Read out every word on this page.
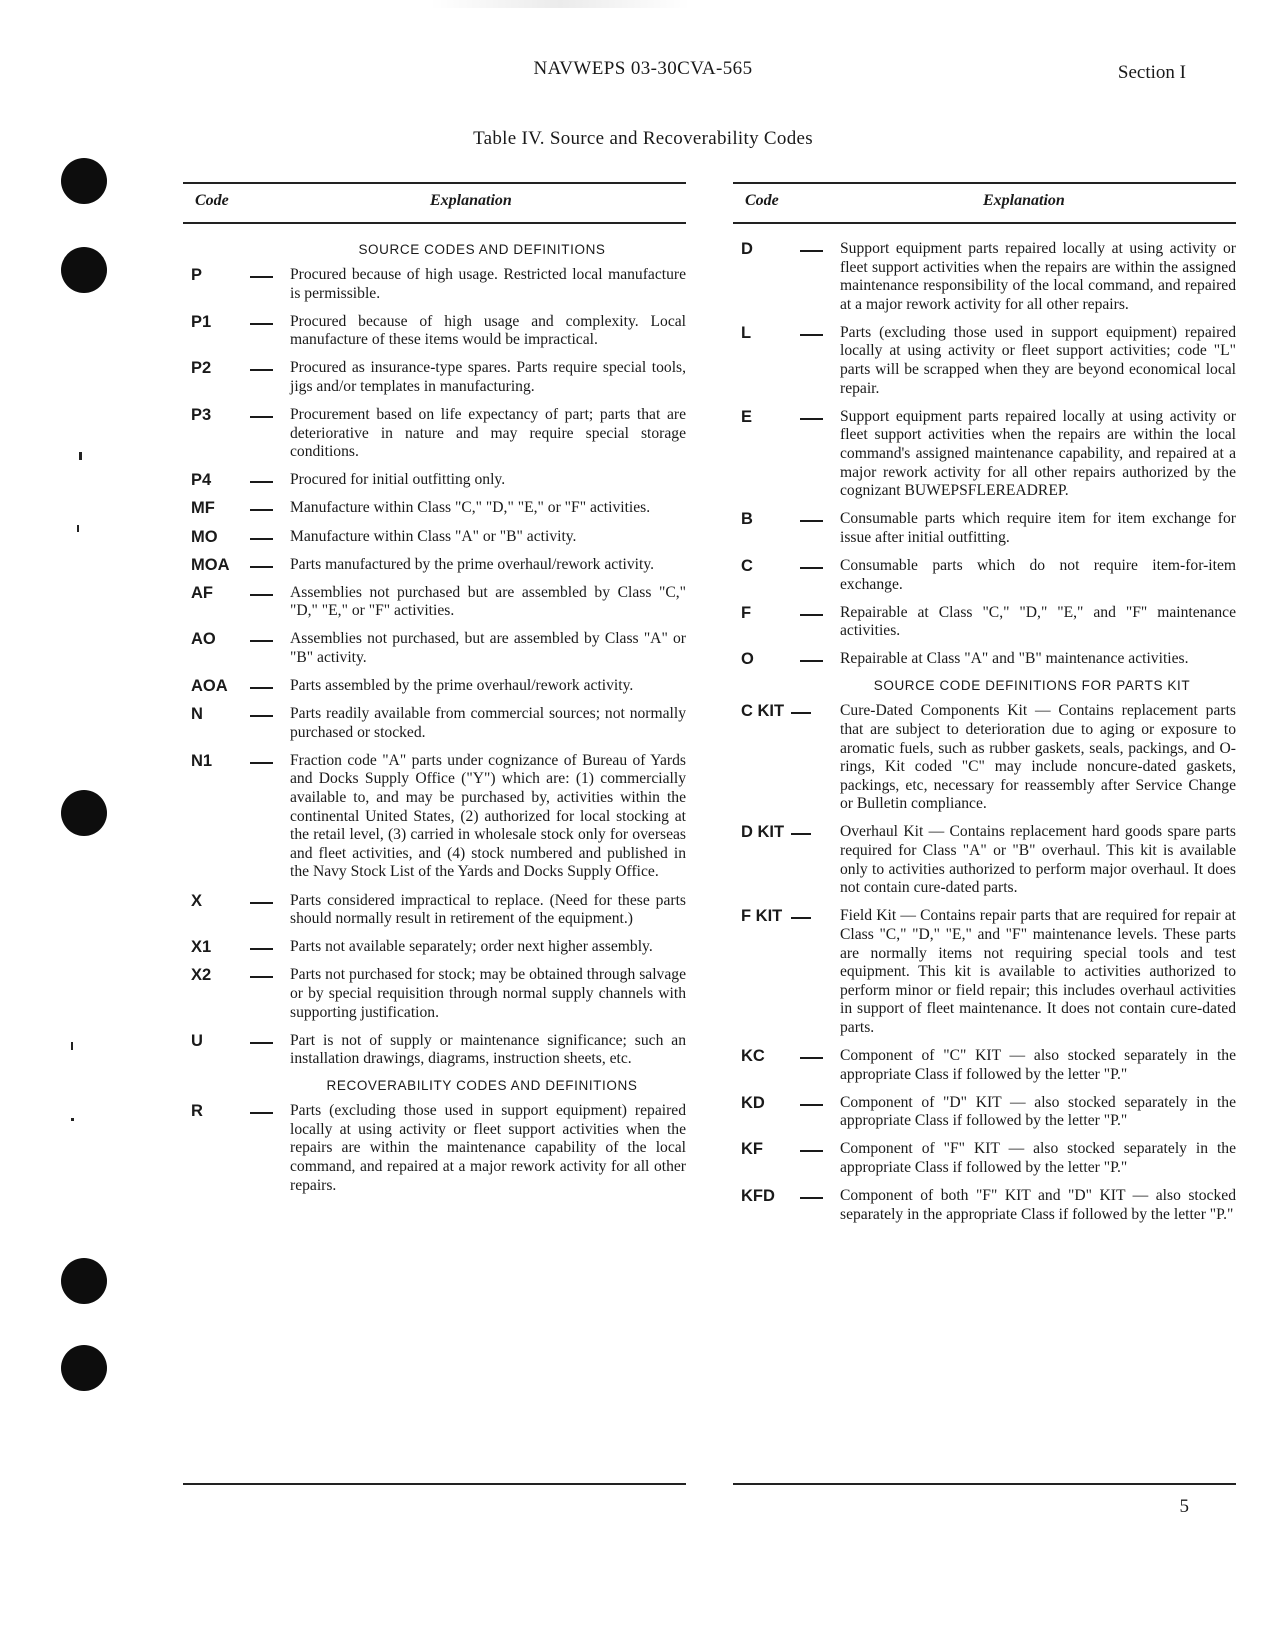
NAVWEPS 03-30CVA-565	Section I
Table IV. Source and Recoverability Codes
Code	Explanation
SOURCE CODES AND DEFINITIONS
P	Procured because of high usage. Restricted local manufacture is permissible.
P1	Procured because of high usage and complexity. Local manufacture of these items would be impractical.
P2	Procured as insurance-type spares. Parts require special tools, jigs and/or templates in manufacturing.
P3	Procurement based on life expectancy of part; parts that are deteriorative in nature and may require special storage conditions.
P4	Procured for initial outfitting only.
MF	Manufacture within Class "C," "D," "E," or "F" activities.
MO	Manufacture within Class "A" or "B" activity.
MOA	Parts manufactured by the prime overhaul/rework activity.
AF	Assemblies not purchased but are assembled by Class "C," "D," "E," or "F" activities.
AO	Assemblies not purchased, but are assembled by Class "A" or "B" activity.
AOA	Parts assembled by the prime overhaul/rework activity.
N	Parts readily available from commercial sources; not normally purchased or stocked.
N1	Fraction code "A" parts under cognizance of Bureau of Yards and Docks Supply Office ("Y") which are: (1) commercially available to, and may be purchased by, activities within the continental United States, (2) authorized for local stocking at the retail level, (3) carried in wholesale stock only for overseas and fleet activities, and (4) stock numbered and published in the Navy Stock List of the Yards and Docks Supply Office.
X	Parts considered impractical to replace. (Need for these parts should normally result in retirement of the equipment.)
X1	Parts not available separately; order next higher assembly.
X2	Parts not purchased for stock; may be obtained through salvage or by special requisition through normal supply channels with supporting justification.
U	Part is not of supply or maintenance significance; such an installation drawings, diagrams, instruction sheets, etc.
RECOVERABILITY CODES AND DEFINITIONS
R	Parts (excluding those used in support equipment) repaired locally at using activity or fleet support activities when the repairs are within the maintenance capability of the local command, and repaired at a major rework activity for all other repairs.
Code	Explanation
D	Support equipment parts repaired locally at using activity or fleet support activities when the repairs are within the assigned maintenance responsibility of the local command, and repaired at a major rework activity for all other repairs.
L	Parts (excluding those used in support equipment) repaired locally at using activity or fleet support activities; code "L" parts will be scrapped when they are beyond economical local repair.
E	Support equipment parts repaired locally at using activity or fleet support activities when the repairs are within the local command's assigned maintenance capability, and repaired at a major rework activity for all other repairs authorized by the cognizant BUWEPSFLEREADREP.
B	Consumable parts which require item for item exchange for issue after initial outfitting.
C	Consumable parts which do not require item-for-item exchange.
F	Repairable at Class "C," "D," "E," and "F" maintenance activities.
O	Repairable at Class "A" and "B" maintenance activities.
SOURCE CODE DEFINITIONS FOR PARTS KIT
C KIT	Cure-Dated Components Kit — Contains replacement parts that are subject to deterioration due to aging or exposure to aromatic fuels, such as rubber gaskets, seals, packings, and O-rings, Kit coded "C" may include noncure-dated gaskets, packings, etc, necessary for reassembly after Service Change or Bulletin compliance.
D KIT	Overhaul Kit — Contains replacement hard goods spare parts required for Class "A" or "B" overhaul. This kit is available only to activities authorized to perform major overhaul. It does not contain cure-dated parts.
F KIT	Field Kit — Contains repair parts that are required for repair at Class "C," "D," "E," and "F" maintenance levels. These parts are normally items not requiring special tools and test equipment. This kit is available to activities authorized to perform minor or field repair; this includes overhaul activities in support of fleet maintenance. It does not contain cure-dated parts.
KC	Component of "C" KIT — also stocked separately in the appropriate Class if followed by the letter "P."
KD	Component of "D" KIT — also stocked separately in the appropriate Class if followed by the letter "P."
KF	Component of "F" KIT — also stocked separately in the appropriate Class if followed by the letter "P."
KFD	Component of both "F" KIT and "D" KIT — also stocked separately in the appropriate Class if followed by the letter "P."
5
